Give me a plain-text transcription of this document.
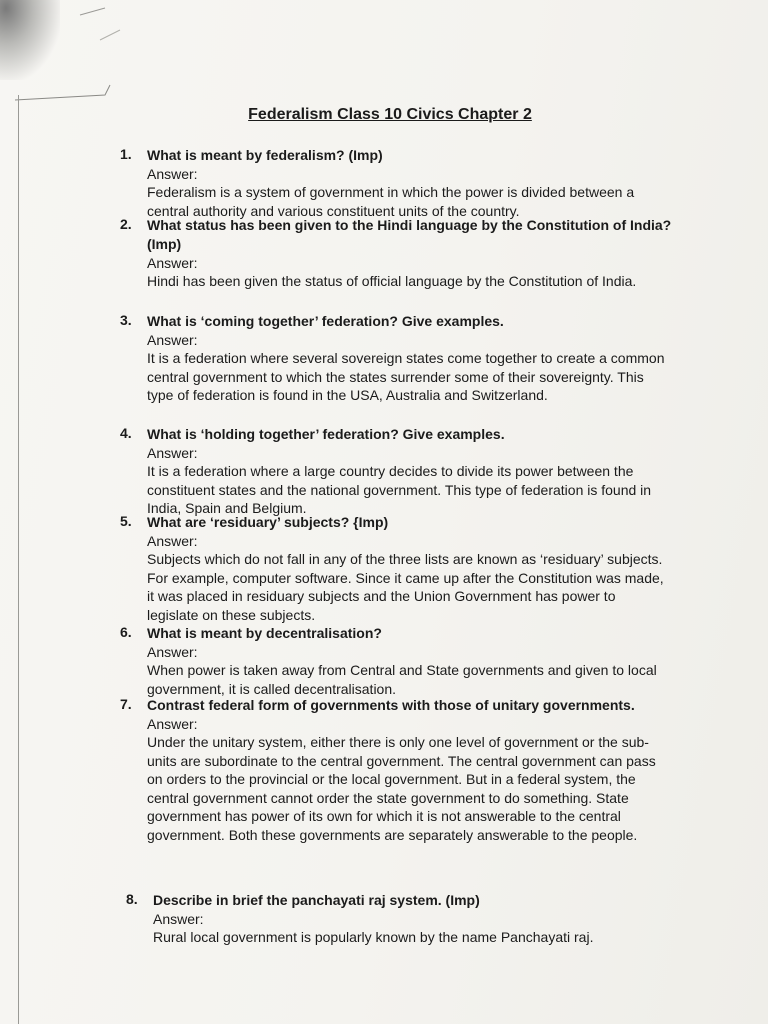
Federalism Class 10 Civics Chapter 2
1. What is meant by federalism? (Imp)
Answer:
Federalism is a system of government in which the power is divided between a central authority and various constituent units of the country.
2. What status has been given to the Hindi language by the Constitution of India? (Imp)
Answer:
Hindi has been given the status of official language by the Constitution of India.
3. What is ‘coming together’ federation? Give examples.
Answer:
It is a federation where several sovereign states come together to create a common central government to which the states surrender some of their sovereignty. This type of federation is found in the USA, Australia and Switzerland.
4. What is ‘holding together’ federation? Give examples.
Answer:
It is a federation where a large country decides to divide its power between the constituent states and the national government. This type of federation is found in India, Spain and Belgium.
5. What are ‘residuary’ subjects? {Imp)
Answer:
Subjects which do not fall in any of the three lists are known as ‘residuary’ subjects. For example, computer software. Since it came up after the Constitution was made, it was placed in residuary subjects and the Union Government has power to legislate on these subjects.
6. What is meant by decentralisation?
Answer:
When power is taken away from Central and State governments and given to local government, it is called decentralisation.
7. Contrast federal form of governments with those of unitary governments.
Answer:
Under the unitary system, either there is only one level of government or the sub-units are subordinate to the central government. The central government can pass on orders to the provincial or the local government. But in a federal system, the central government cannot order the state government to do something. State government has power of its own for which it is not answerable to the central government. Both these governments are separately answerable to the people.
8. Describe in brief the panchayati raj system. (Imp)
Answer:
Rural local government is popularly known by the name Panchayati raj.
